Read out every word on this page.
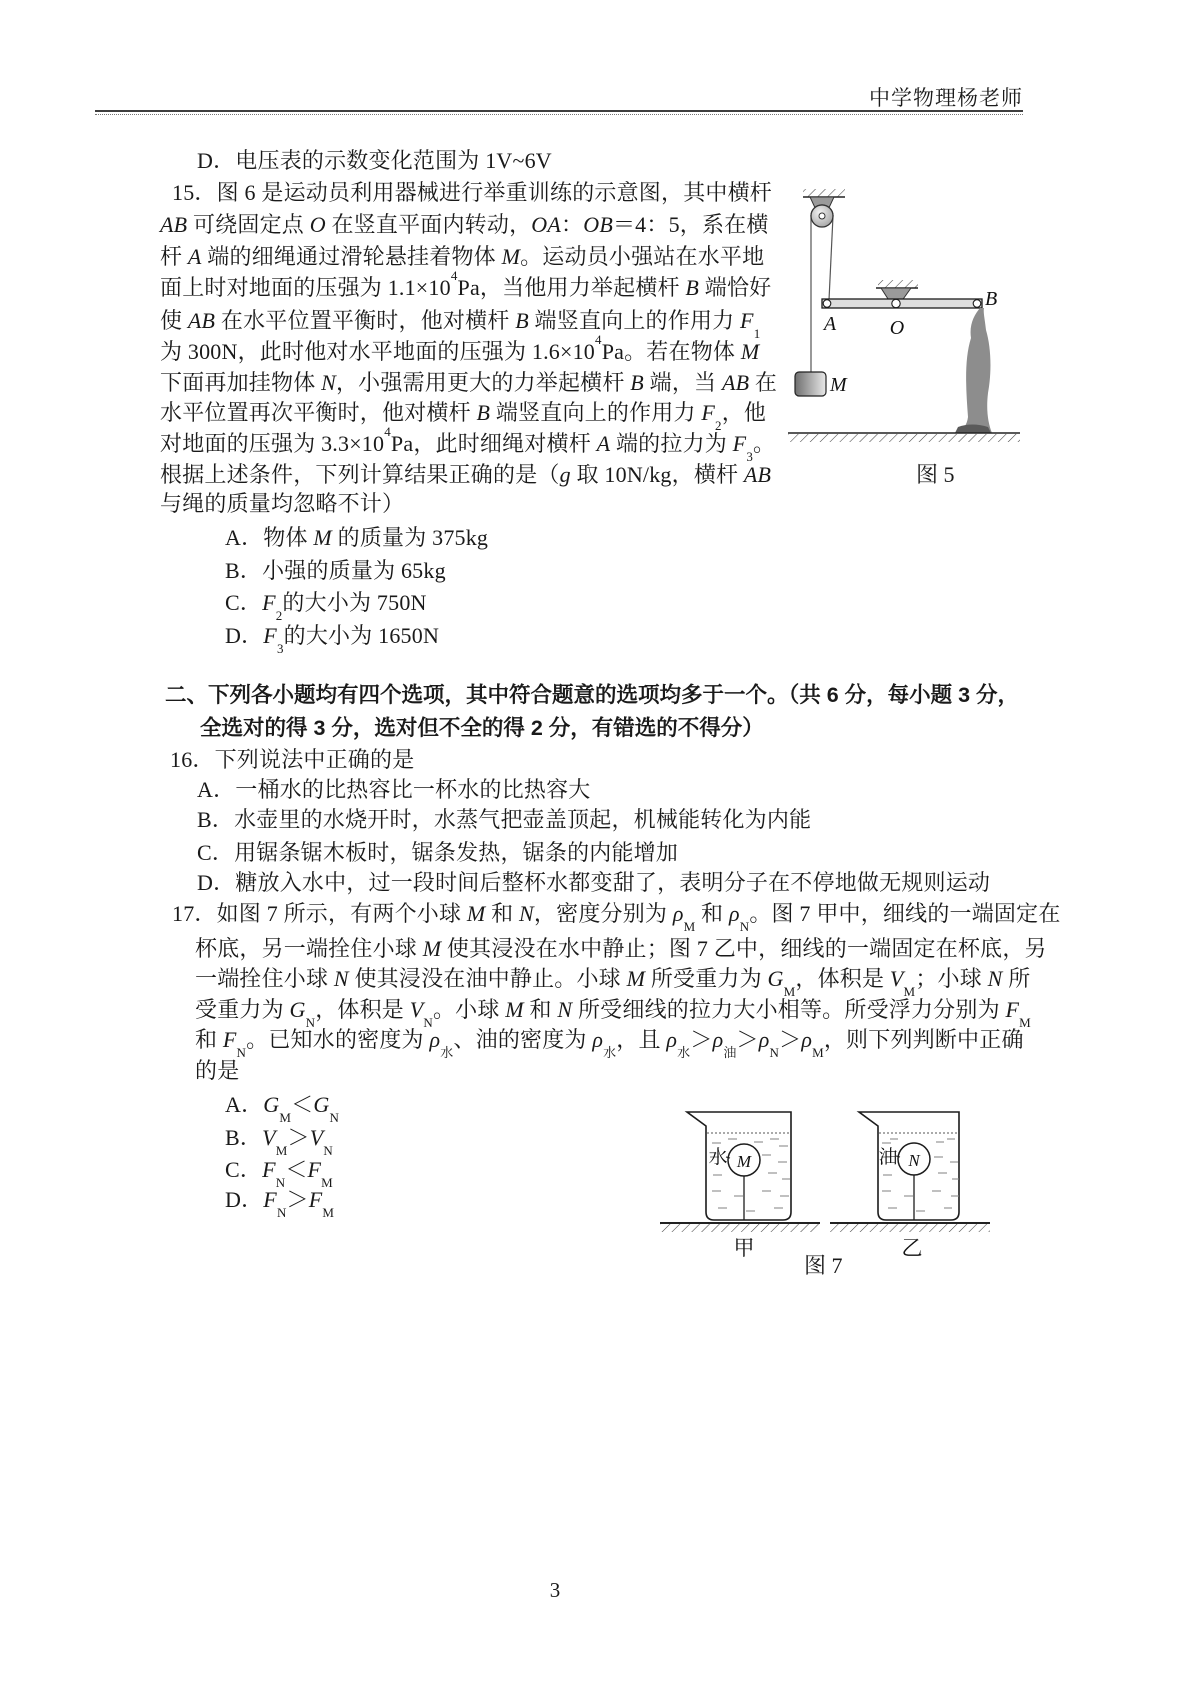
中学物理杨老师
D．电压表的示数变化范围为 1V~6V
15．图 6 是运动员利用器械进行举重训练的示意图，其中横杆
AB 可绕固定点 O 在竖直平面内转动，OA：OB＝4：5，系在横
杆 A 端的细绳通过滑轮悬挂着物体 M。运动员小强站在水平地
面上时对地面的压强为 $1.1\times 10^4Pa$，当他用力举起横杆 B 端恰好
使 AB 在水平位置平衡时，他对横杆 B 端竖直向上的作用力 $F_1$
为 300N，此时他对水平地面的压强为 $1.6\times 10^4Pa$。若在物体 M
下面再加挂物体 N，小强需用更大的力举起横杆 B 端，当 AB 在
水平位置再次平衡时，他对横杆 B 端竖直向上的作用力 $F_2$，他
对地面的压强为 $3.3\times 10^4Pa$，此时细绳对横杆 A 端的拉力为 $F_3$。
根据上述条件，下列计算结果正确的是（g 取 10N/kg，横杆 AB
与绳的质量均忽略不计）
A．物体 M 的质量为 375kg
B．小强的质量为 65kg
C．$F_2$的大小为 750N
D．$F_3$的大小为 1650N
二、下列各小题均有四个选项，其中符合题意的选项均多于一个。（共 6 分，每小题 3 分，
全选对的得 3 分，选对但不全的得 2 分，有错选的不得分）
16．下列说法中正确的是
A．一桶水的比热容比一杯水的比热容大
B．水壶里的水烧开时，水蒸气把壶盖顶起，机械能转化为内能
C．用锯条锯木板时，锯条发热，锯条的内能增加
D．糖放入水中，过一段时间后整杯水都变甜了，表明分子在不停地做无规则运动
17．如图 7 所示，有两个小球 M 和 N，密度分别为 $\rho_M$ 和 $\rho_N$。图 7 甲中，细线的一端固定在
杯底，另一端拴住小球 M 使其浸没在水中静止；图 7 乙中，细线的一端固定在杯底，另
一端拴住小球 N 使其浸没在油中静止。小球 M 所受重力为 $G_M$，体积是 $V_M$；小球 N 所
受重力为 $G_N$，体积是 $V_N$。小球 M 和 N 所受细线的拉力大小相等。所受浮力分别为 $F_M$
和 $F_N$。已知水的密度为 $\rho_水$、油的密度为 $\rho_水$，且 $\rho_水>\rho_油>\rho_N>\rho_M$，则下列判断中正确
的是
A．$G_M<G_N$
B．$V_M>V_N$
C．$F_N<F_M$
D．$F_N>F_M$
A	O
B
M
图 5
水 M
甲
油 N
乙
图 7
3
